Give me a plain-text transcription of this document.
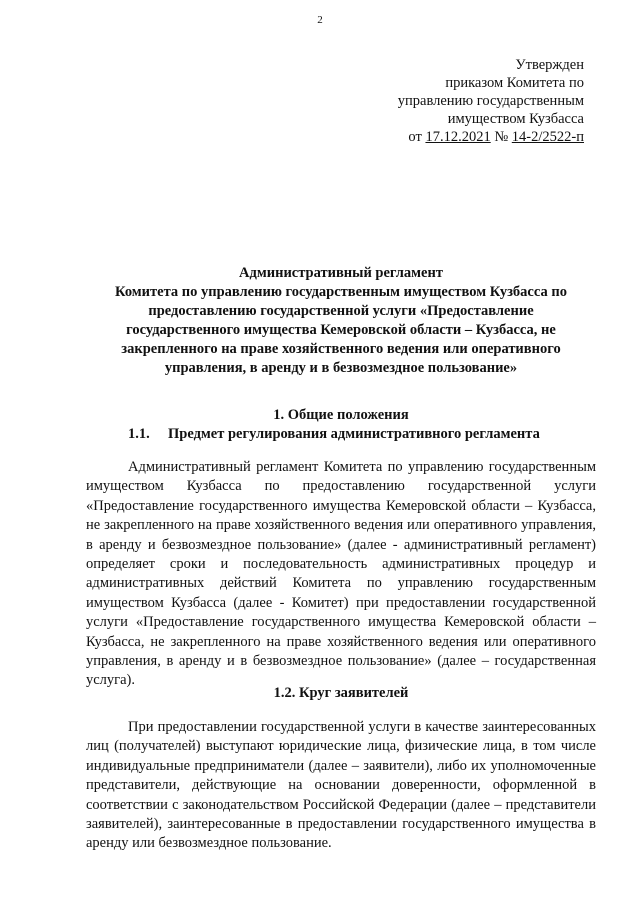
2
Утвержден
приказом Комитета по
управлению государственным
имуществом Кузбасса
от 17.12.2021 № 14-2/2522-п
Административный регламент
Комитета по управлению государственным имуществом Кузбасса по
предоставлению государственной услуги «Предоставление
государственного имущества Кемеровской области – Кузбасса, не
закрепленного на праве хозяйственного ведения или оперативного
управления, в аренду и в безвозмездное пользование»
1. Общие положения
1.1. Предмет регулирования административного регламента

Административный регламент Комитета по управлению государственным имуществом Кузбасса по предоставлению государственной услуги «Предоставление государственного имущества Кемеровской области – Кузбасса, не закрепленного на праве хозяйственного ведения или оперативного управления, в аренду и безвозмездное пользование» (далее - административный регламент) определяет сроки и последовательность административных процедур и административных действий Комитета по управлению государственным имуществом Кузбасса (далее - Комитет) при предоставлении государственной услуги «Предоставление государственного имущества Кемеровской области – Кузбасса, не закрепленного на праве хозяйственного ведения или оперативного управления, в аренду и в безвозмездное пользование» (далее – государственная услуга).

1.2. Круг заявителей

При предоставлении государственной услуги в качестве заинтересованных лиц (получателей) выступают юридические лица, физические лица, в том числе индивидуальные предприниматели (далее – заявители), либо их уполномоченные представители, действующие на основании доверенности, оформленной в соответствии с законодательством Российской Федерации (далее – представители заявителей), заинтересованные в предоставлении государственного имущества в аренду или безвозмездное пользование.
